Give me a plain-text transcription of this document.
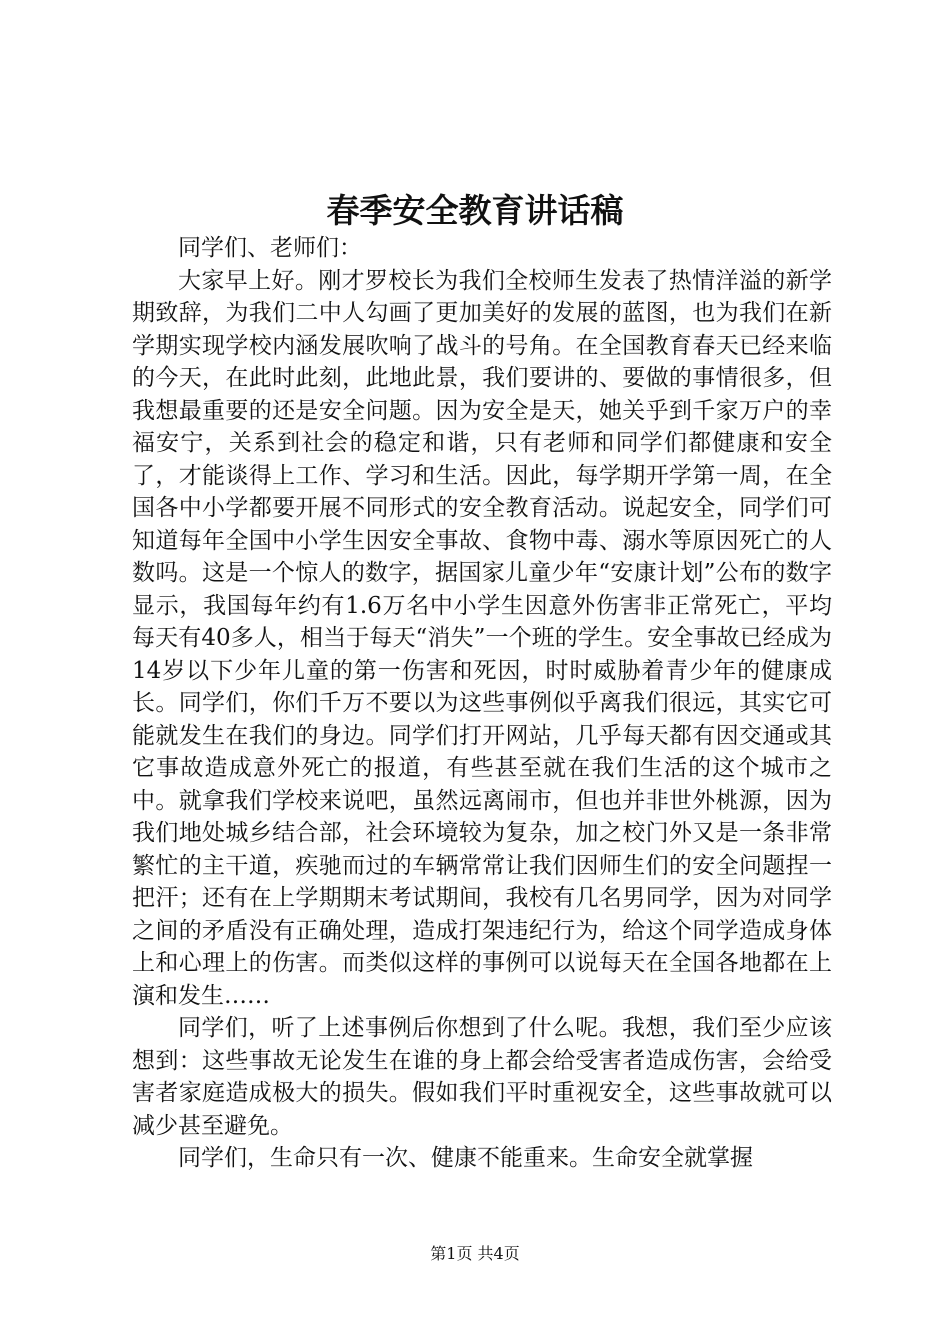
春季安全教育讲话稿

同学们、老师们：

大家早上好。刚才罗校长为我们全校师生发表了热情洋溢的新学期致辞，为我们二中人勾画了更加美好的发展的蓝图，也为我们在新学期实现学校内涵发展吹响了战斗的号角。在全国教育春天已经来临的今天，在此时此刻，此地此景，我们要讲的、要做的事情很多，但我想最重要的还是安全问题。因为安全是天，她关乎到千家万户的幸福安宁，关系到社会的稳定和谐，只有老师和同学们都健康和安全了，才能谈得上工作、学习和生活。因此，每学期开学第一周，在全国各中小学都要开展不同形式的安全教育活动。说起安全，同学们可知道每年全国中小学生因安全事故、食物中毒、溺水等原因死亡的人数吗。这是一个惊人的数字，据国家儿童少年“安康计划”公布的数字显示，我国每年约有1.6万名中小学生因意外伤害非正常死亡，平均每天有40多人，相当于每天“消失”一个班的学生。安全事故已经成为14岁以下少年儿童的第一伤害和死因，时时威胁着青少年的健康成长。同学们，你们千万不要以为这些事例似乎离我们很远，其实它可能就发生在我们的身边。同学们打开网站，几乎每天都有因交通或其它事故造成意外死亡的报道，有些甚至就在我们生活的这个城市之中。就拿我们学校来说吧，虽然远离闹市，但也并非世外桃源，因为我们地处城乡结合部，社会环境较为复杂，加之校门外又是一条非常繁忙的主干道，疾驰而过的车辆常常让我们因师生们的安全问题捏一把汗；还有在上学期期末考试期间，我校有几名男同学，因为对同学之间的矛盾没有正确处理，造成打架违纪行为，给这个同学造成身体上和心理上的伤害。而类似这样的事例可以说每天在全国各地都在上演和发生……

同学们，听了上述事例后你想到了什么呢。我想，我们至少应该想到：这些事故无论发生在谁的身上都会给受害者造成伤害，会给受害者家庭造成极大的损失。假如我们平时重视安全，这些事故就可以减少甚至避免。

同学们，生命只有一次、健康不能重来。生命安全就掌握

第1页 共4页
